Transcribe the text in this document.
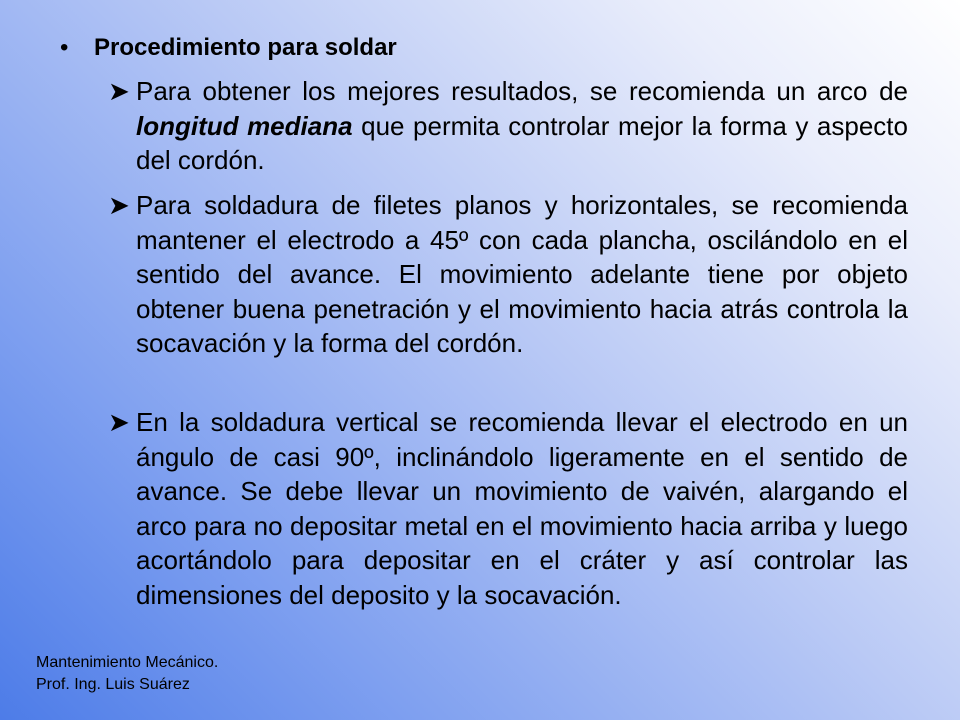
• Procedimiento para soldar
➤ Para obtener los mejores resultados, se recomienda un arco de longitud mediana que permita controlar mejor la forma y aspecto del cordón.
➤ Para soldadura de filetes planos y horizontales, se recomienda mantener el electrodo a 45º con cada plancha, oscilándolo en el sentido del avance. El movimiento adelante tiene por objeto obtener buena penetración y el movimiento hacia atrás controla la socavación y la forma del cordón.
➤ En la soldadura vertical se recomienda llevar el electrodo en un ángulo de casi 90º, inclinándolo ligeramente en el sentido de avance. Se debe llevar un movimiento de vaivén, alargando el arco para no depositar metal en el movimiento hacia arriba y luego acortándolo para depositar en el cráter y así controlar las dimensiones del deposito y la socavación.
Mantenimiento Mecánico.
Prof. Ing. Luis Suárez
